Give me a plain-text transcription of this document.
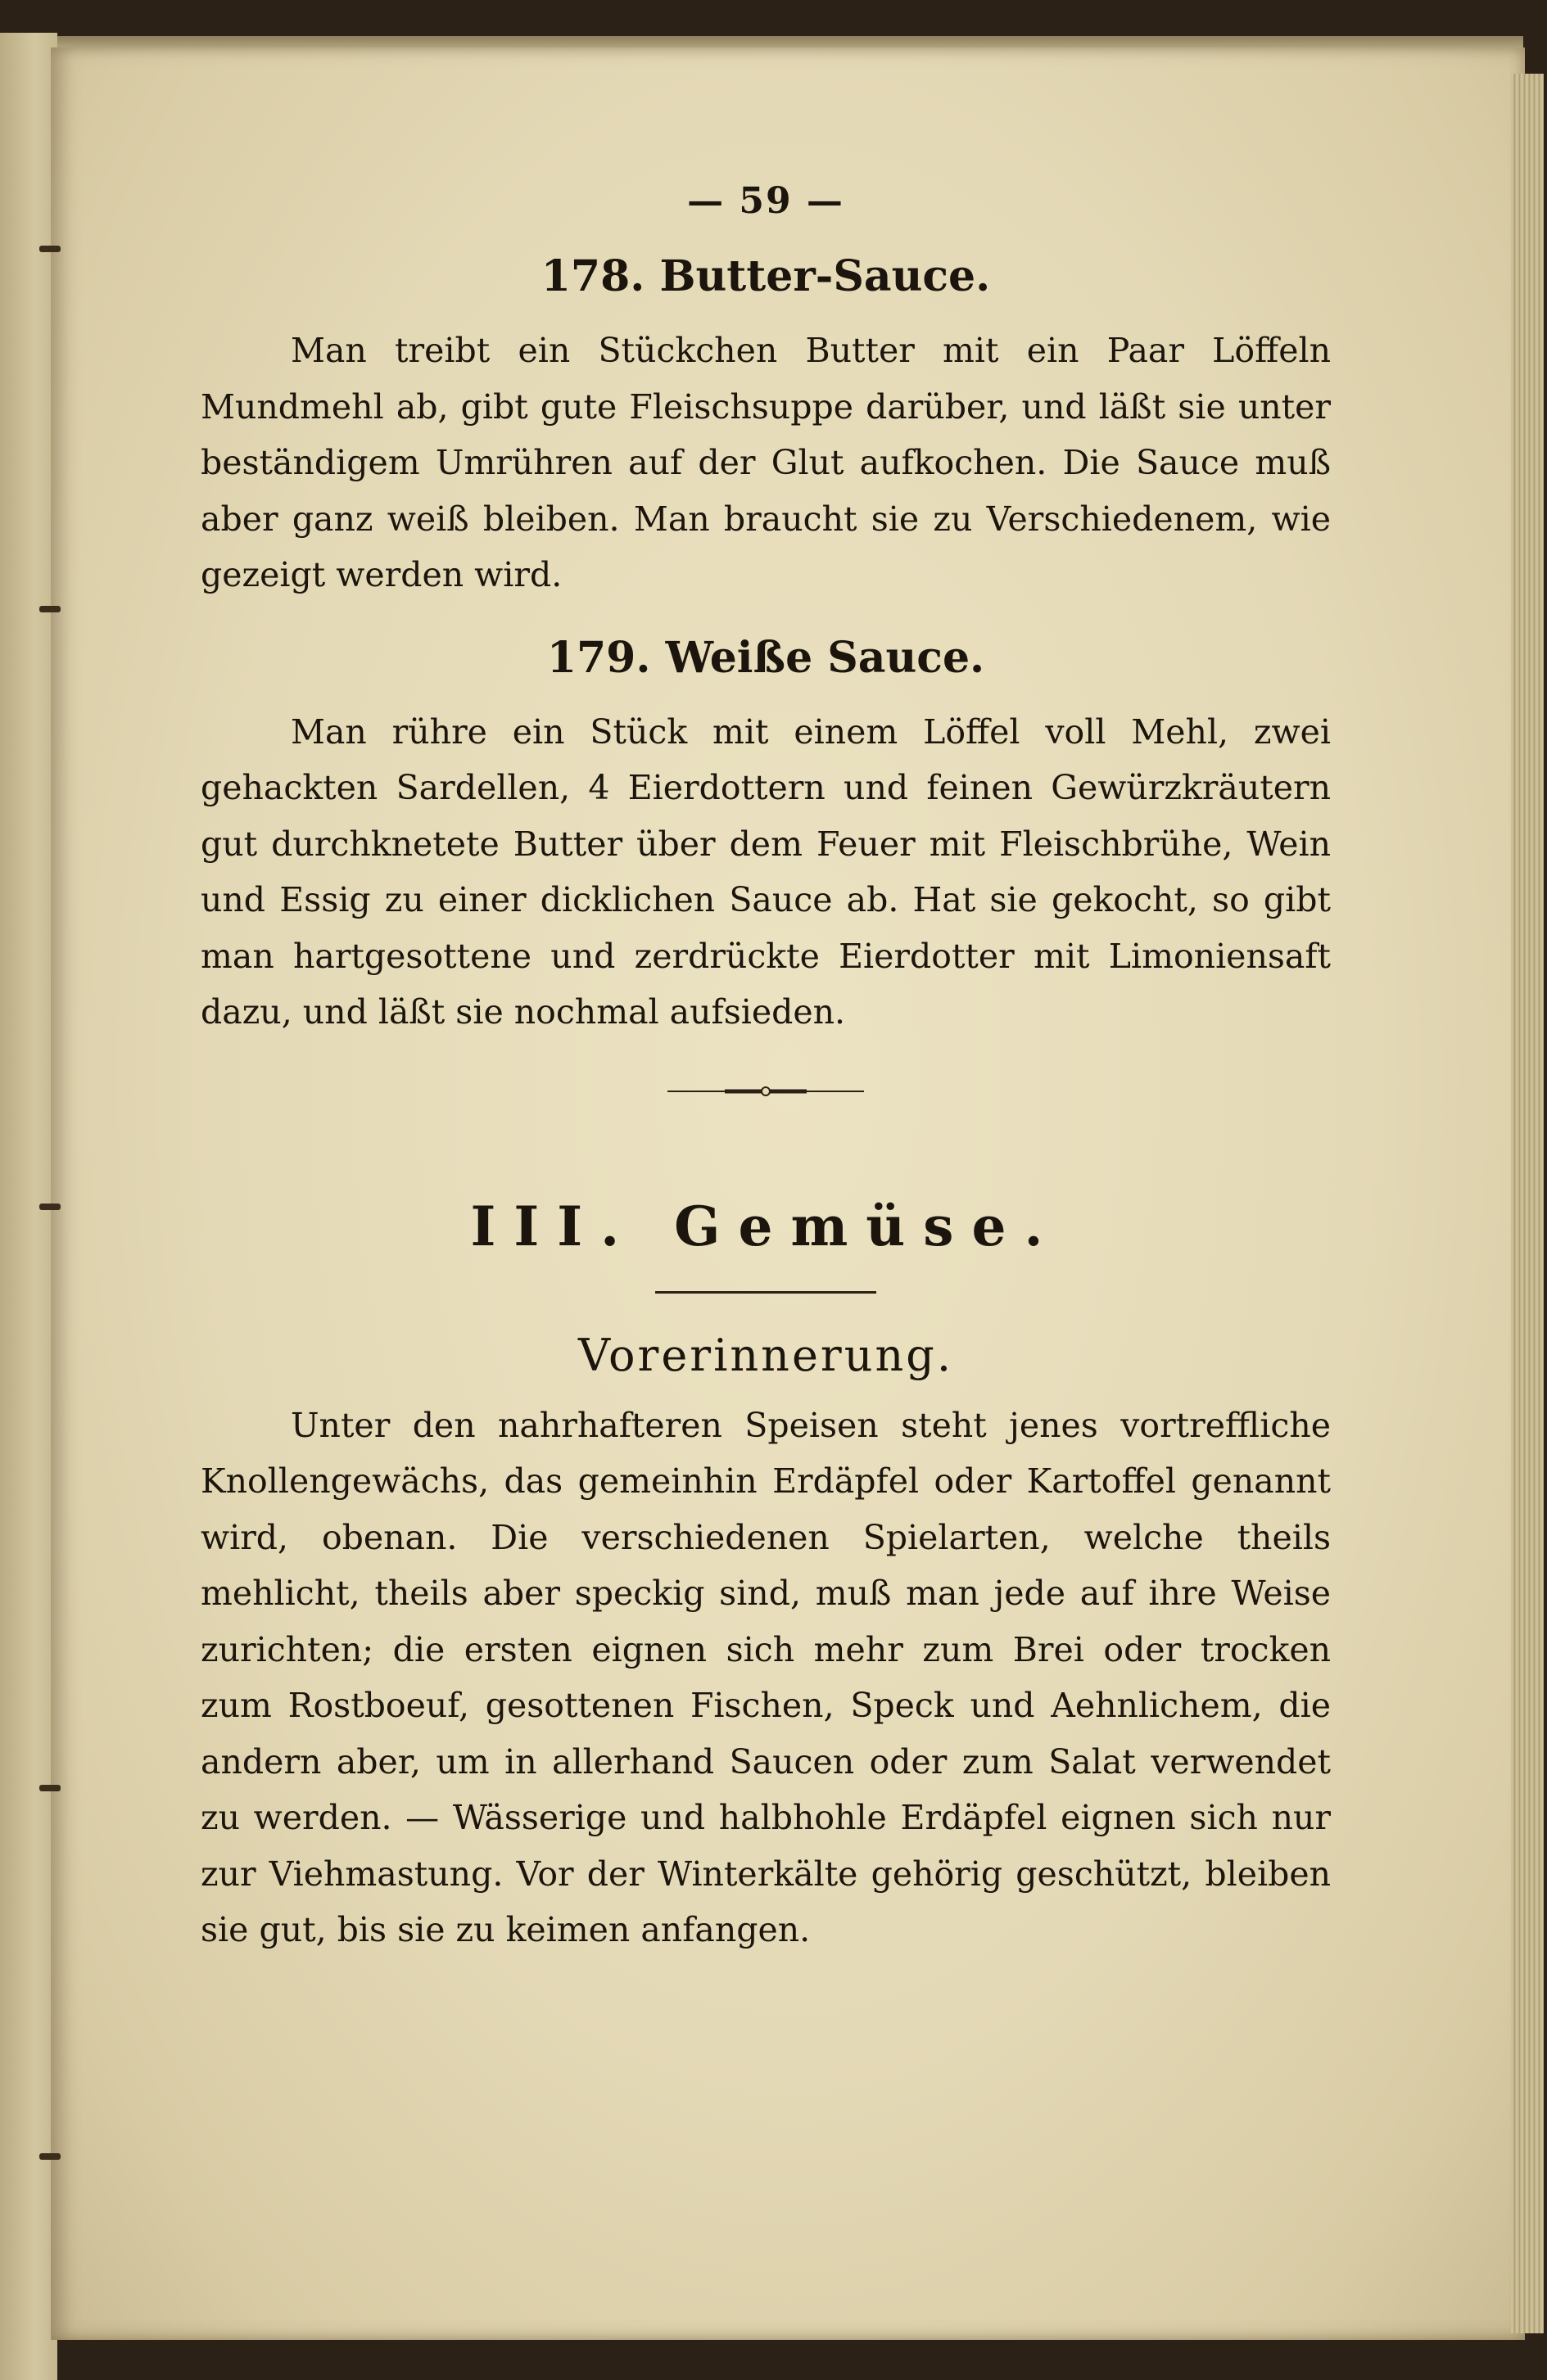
— 59 —
178. Butter-Sauce.

Man treibt ein Stückchen Butter mit ein Paar Löffeln Mundmehl ab, gibt gute Fleischsuppe darüber, und läßt sie unter beständigem Umrühren auf der Glut aufkochen. Die Sauce muß aber ganz weiß bleiben. Man braucht sie zu Verschiedenem, wie gezeigt werden wird.

179. Weiße Sauce.

Man rühre ein Stück mit einem Löffel voll Mehl, zwei gehackten Sardellen, 4 Eierdottern und feinen Gewürzkräutern gut durchknetete Butter über dem Feuer mit Fleischbrühe, Wein und Essig zu einer dicklichen Sauce ab. Hat sie gekocht, so gibt man hartgesottene und zerdrückte Eierdotter mit Limoniensaft dazu, und läßt sie nochmal aufsieden.

III. Gemüse.
Vorerinnerung.

Unter den nahrhafteren Speisen steht jenes vortreffliche Knollengewächs, das gemeinhin Erdäpfel oder Kartoffel genannt wird, obenan. Die verschiedenen Spielarten, welche theils mehlicht, theils aber speckig sind, muß man jede auf ihre Weise zurichten; die ersten eignen sich mehr zum Brei oder trocken zum Rostboeuf, gesottenen Fischen, Speck und Aehnlichem, die andern aber, um in allerhand Saucen oder zum Salat verwendet zu werden. — Wässerige und halbhohle Erdäpfel eignen sich nur zur Viehmastung. Vor der Winterkälte gehörig geschützt, bleiben sie gut, bis sie zu keimen anfangen.
